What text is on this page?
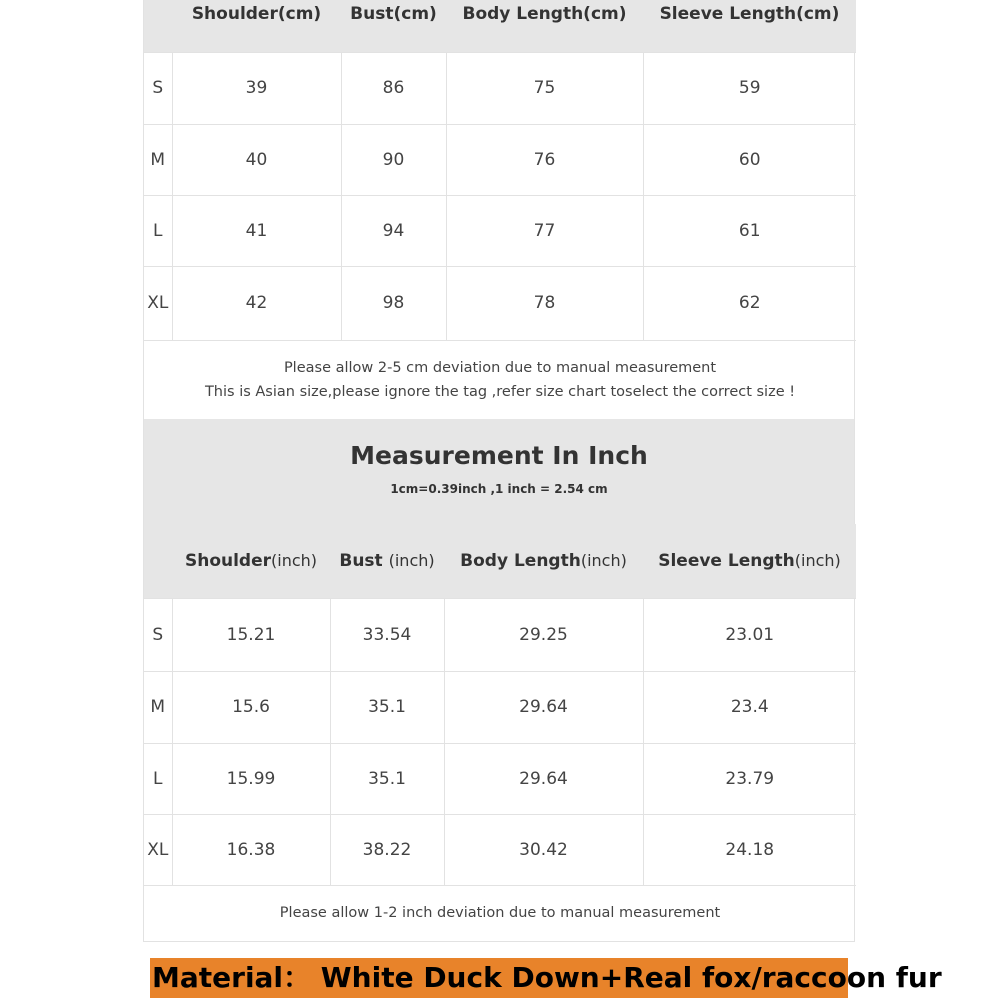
	Shoulder(cm)	Bust(cm)	Body Length(cm)	Sleeve Length(cm)
S	39	86	75	59
M	40	90	76	60
L	41	94	77	61
XL	42	98	78	62

Please allow 2-5 cm deviation due to manual measurement
This is Asian size,please ignore the tag ,refer size chart toselect the correct size !				
Measurement In Inch
1cm=0.39inch ,1 inch = 2.54 cm
	Shoulder(inch)	Bust (inch)	Body Length(inch)	Sleeve Length(inch)
S	15.21	33.54	29.25	23.01
M	15.6	35.1	29.64	23.4
L	15.99	35.1	29.64	23.79
XL	16.38	38.22	30.42	24.18
Please allow 1-2 inch deviation due to manual measurement				
Material： White Duck Down+Real fox/raccoon fur
